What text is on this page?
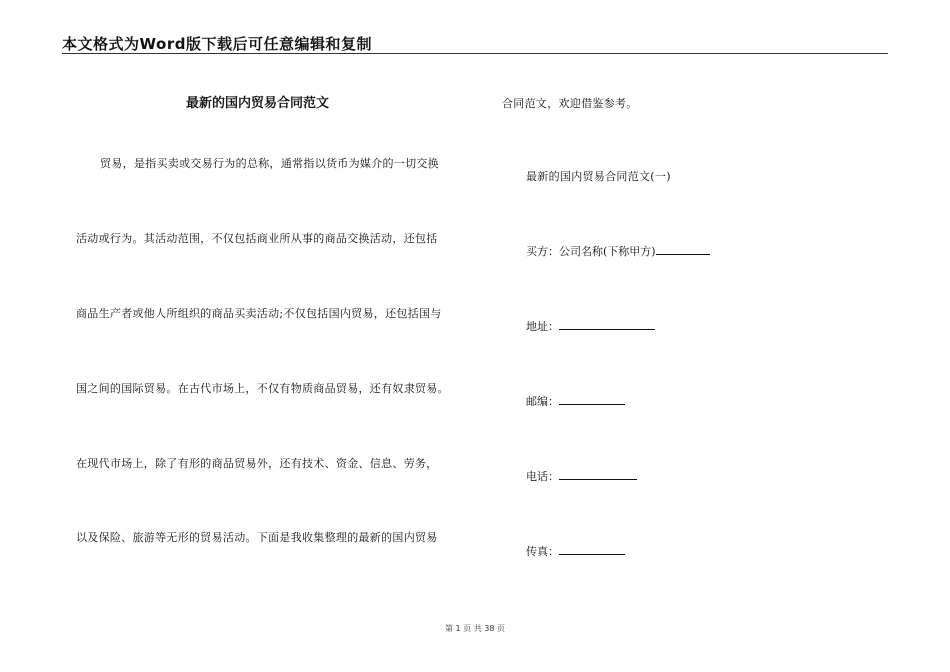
本文格式为Word版下载后可任意编辑和复制
最新的国内贸易合同范文
贸易，是指买卖或交易行为的总称，通常指以货币为媒介的一切交换
活动或行为。其活动范围，不仅包括商业所从事的商品交换活动，还包括
商品生产者或他人所组织的商品买卖活动;不仅包括国内贸易，还包括国与
国之间的国际贸易。在古代市场上，不仅有物质商品贸易，还有奴隶贸易。
在现代市场上，除了有形的商品贸易外，还有技术、资金、信息、劳务，
以及保险、旅游等无形的贸易活动。下面是我收集整理的最新的国内贸易
合同范文，欢迎借鉴参考。
最新的国内贸易合同范文(一)
买方：公司名称(下称甲方)
地址：
邮编：
电话：
传真：
第 1 页 共 38 页
